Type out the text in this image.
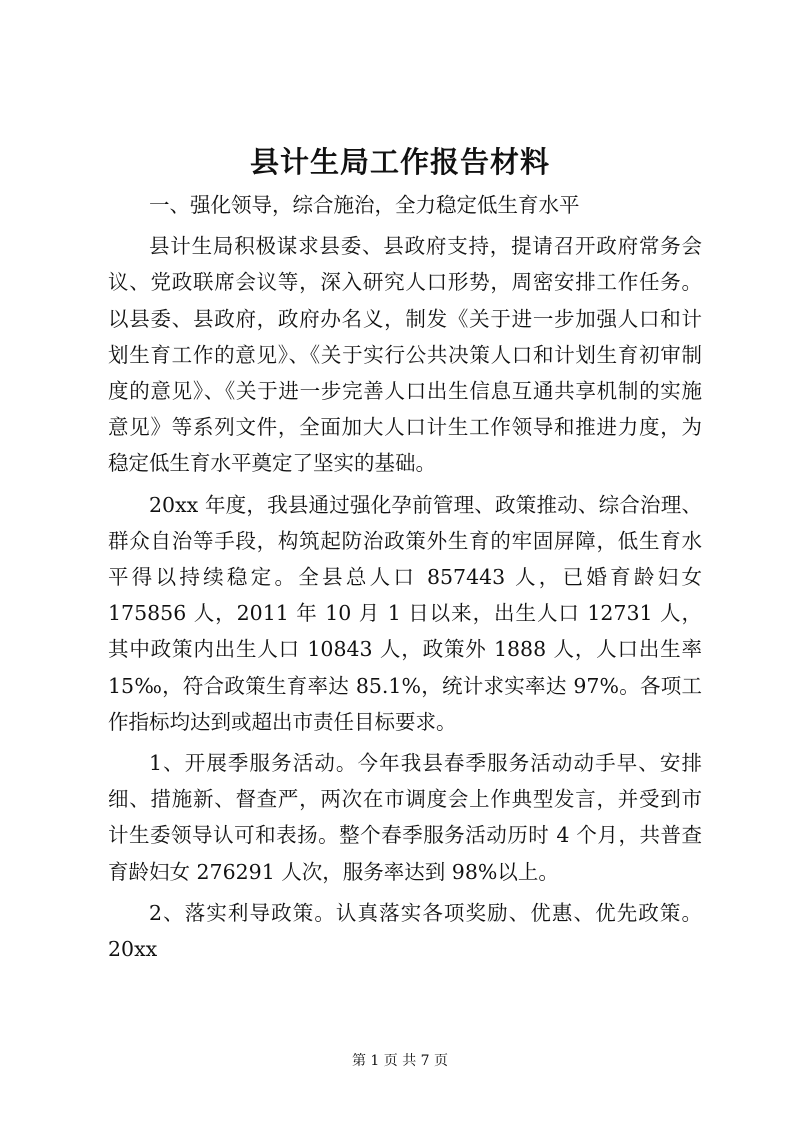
县计生局工作报告材料

一、强化领导，综合施治，全力稳定低生育水平

县计生局积极谋求县委、县政府支持，提请召开政府常务会议、党政联席会议等，深入研究人口形势，周密安排工作任务。以县委、县政府，政府办名义，制发《关于进一步加强人口和计划生育工作的意见》、《关于实行公共决策人口和计划生育初审制度的意见》、《关于进一步完善人口出生信息互通共享机制的实施意见》等系列文件，全面加大人口计生工作领导和推进力度，为稳定低生育水平奠定了坚实的基础。

20xx 年度，我县通过强化孕前管理、政策推动、综合治理、群众自治等手段，构筑起防治政策外生育的牢固屏障，低生育水平得以持续稳定。全县总人口 857443 人，已婚育龄妇女 175856 人，2011 年 10 月 1 日以来，出生人口 12731 人，其中政策内出生人口 10843 人，政策外 1888 人，人口出生率 15‰，符合政策生育率达 85.1%，统计求实率达 97%。各项工作指标均达到或超出市责任目标要求。

1、开展季服务活动。今年我县春季服务活动动手早、安排细、措施新、督查严，两次在市调度会上作典型发言，并受到市计生委领导认可和表扬。整个春季服务活动历时 4 个月，共普查育龄妇女 276291 人次，服务率达到 98%以上。

2、落实利导政策。认真落实各项奖励、优惠、优先政策。20xx

第 1 页 共 7 页
